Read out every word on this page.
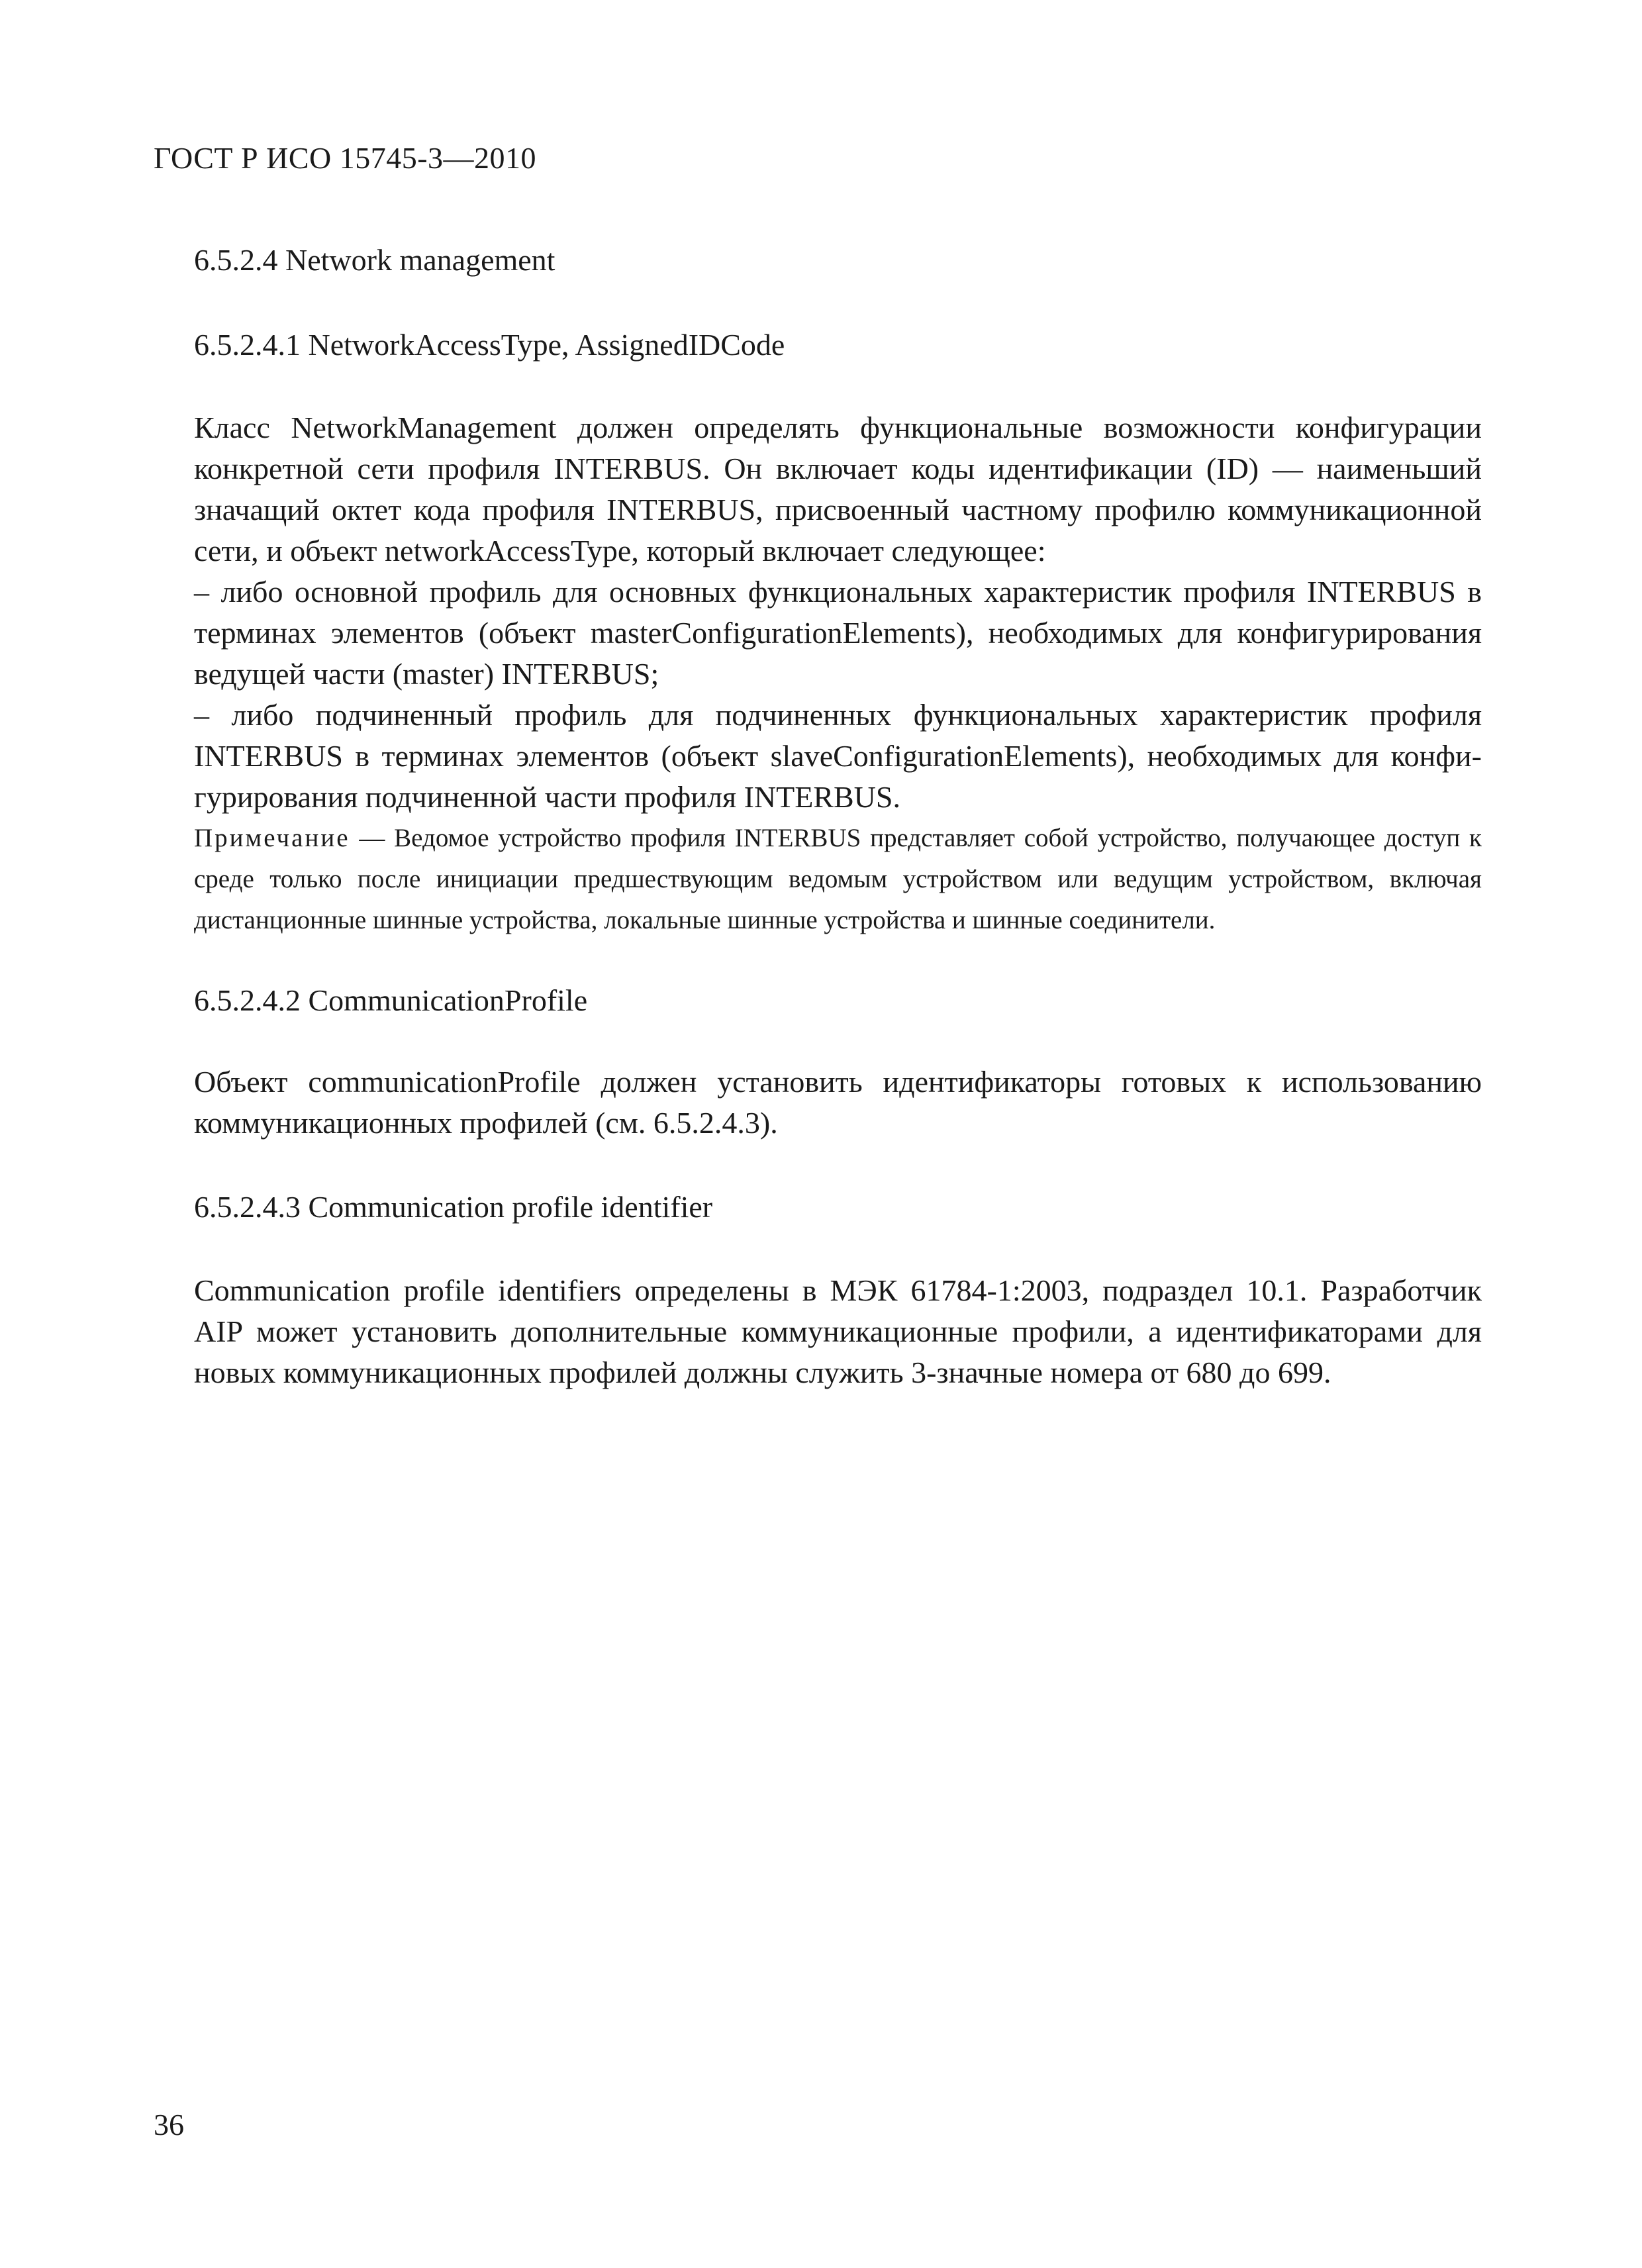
ГОСТ Р ИСО 15745-3—2010

6.5.2.4 Network management

6.5.2.4.1 NetworkAccessType, AssignedIDCode

Класс NetworkManagement должен определять функциональные возможности конфигурации конкретной сети профиля INTERBUS. Он включает коды идентификации (ID) — наименьший значащий октет кода профиля INTERBUS, присвоенный частному профилю коммуникационной сети, и объект networkAccessType, который включает следующее:

– либо основной профиль для основных функциональных характеристик профиля INTERBUS в терминах элементов (объект masterConfigurationElements), необходимых для конфигурирования ведущей части (master) INTERBUS;

– либо подчиненный профиль для подчиненных функциональных характеристик профиля INTERBUS в терминах элементов (объект slaveConfigurationElements), необходимых для конфигурирования подчиненной части профиля INTERBUS.

Примечание — Ведомое устройство профиля INTERBUS представляет собой устройство, получающее доступ к среде только после инициации предшествующим ведомым устройством или ведущим устройством, включая дистанционные шинные устройства, локальные шинные устройства и шинные соединители.

6.5.2.4.2 CommunicationProfile

Объект communicationProfile должен установить идентификаторы готовых к использованию коммуникационных профилей (см. 6.5.2.4.3).

6.5.2.4.3 Communication profile identifier

Communication profile identifiers определены в МЭК 61784-1:2003, подраздел 10.1. Разработчик AIP может установить дополнительные коммуникационные профили, а идентификаторами для новых коммуникационных профилей должны служить 3-значные номера от 680 до 699.

36
